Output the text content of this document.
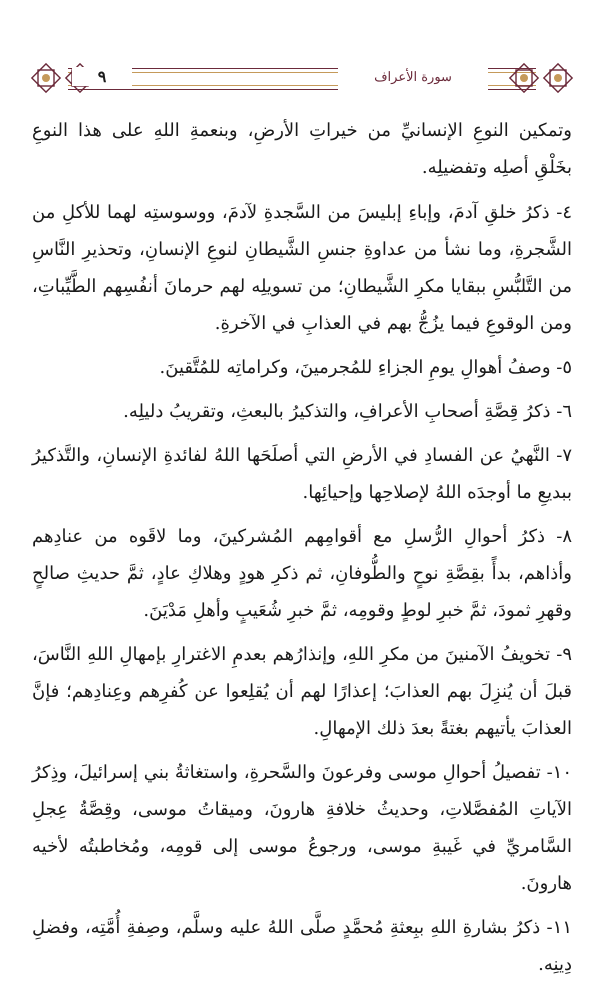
٩	سورة الأعراف

وتمكين النوعِ الإنسانيِّ من خيراتِ الأرضِ، وبنعمةِ اللهِ على هذا النوعِ بخَلْقِ أصلِه وتفضيلِه.

٤- ذكرُ خلقِ آدمَ، وإباءِ إبليسَ من السَّجدةِ لآدمَ، ووسوستِه لهما للأكلِ من الشَّجرةِ، وما نشأ من عداوةِ جنسِ الشَّيطانِ لنوعِ الإنسانِ، وتحذيرِ النَّاسِ من التَّلبُّسِ ببقايا مكرِ الشَّيطانِ؛ من تسويلِه لهم حرمانَ أنفُسِهم الطَّيِّباتِ، ومن الوقوعِ فيما يزُجُّ بهم في العذابِ في الآخرةِ.

٥- وصفُ أهوالِ يومِ الجزاءِ للمُجرمينَ، وكراماتِه للمُتَّقينَ.

٦- ذكرُ قِصَّةِ أصحابِ الأعرافِ، والتذكيرُ بالبعثِ، وتقريبُ دليلِه.

٧- النَّهيُ عن الفسادِ في الأرضِ التي أصلَحَها اللهُ لفائدةِ الإنسانِ، والتَّذكيرُ ببديعِ ما أوجدَه اللهُ لإصلاحِها وإحيائِها.

٨- ذكرُ أحوالِ الرُّسلِ مع أقوامِهم المُشركينَ، وما لاقَوه من عنادِهم وأذاهم، بدأً بقِصَّةِ نوحٍ والطُّوفانِ، ثم ذكرِ هودٍ وهلاكِ عادٍ، ثمَّ حديثِ صالحٍ وقهرِ ثمودَ، ثمَّ خبرِ لوطٍ وقومِه، ثمَّ خبرِ شُعَيبٍ وأهلِ مَدْيَنَ.

٩- تخويفُ الآمنينَ من مكرِ اللهِ، وإنذارُهم بعدمِ الاغترارِ بإمهالِ اللهِ النَّاسَ، قبلَ أن يُنزِلَ بهم العذابَ؛ إعذارًا لهم أن يُقلِعوا عن كُفرِهم وعِنادِهم؛ فإنَّ العذابَ يأتيهم بغتةً بعدَ ذلك الإمهالِ.

١٠- تفصيلُ أحوالِ موسى وفرعونَ والسَّحرةِ، واستغاثةُ بني إسرائيلَ، وذِكرُ الآياتِ المُفصَّلاتِ، وحديثُ خلافةِ هارونَ، وميقاتُ موسى، وقِصَّةُ عِجلِ السَّامريِّ في غَيبةِ موسى، ورجوعُ موسى إلى قومِه، ومُخاطبتُه لأخيه هارونَ.

١١- ذكرُ بشارةِ اللهِ ببِعثةِ مُحمَّدٍ صلَّى اللهُ عليه وسلَّم، وصِفةِ أُمَّتِه، وفضلِ دِينِه.
